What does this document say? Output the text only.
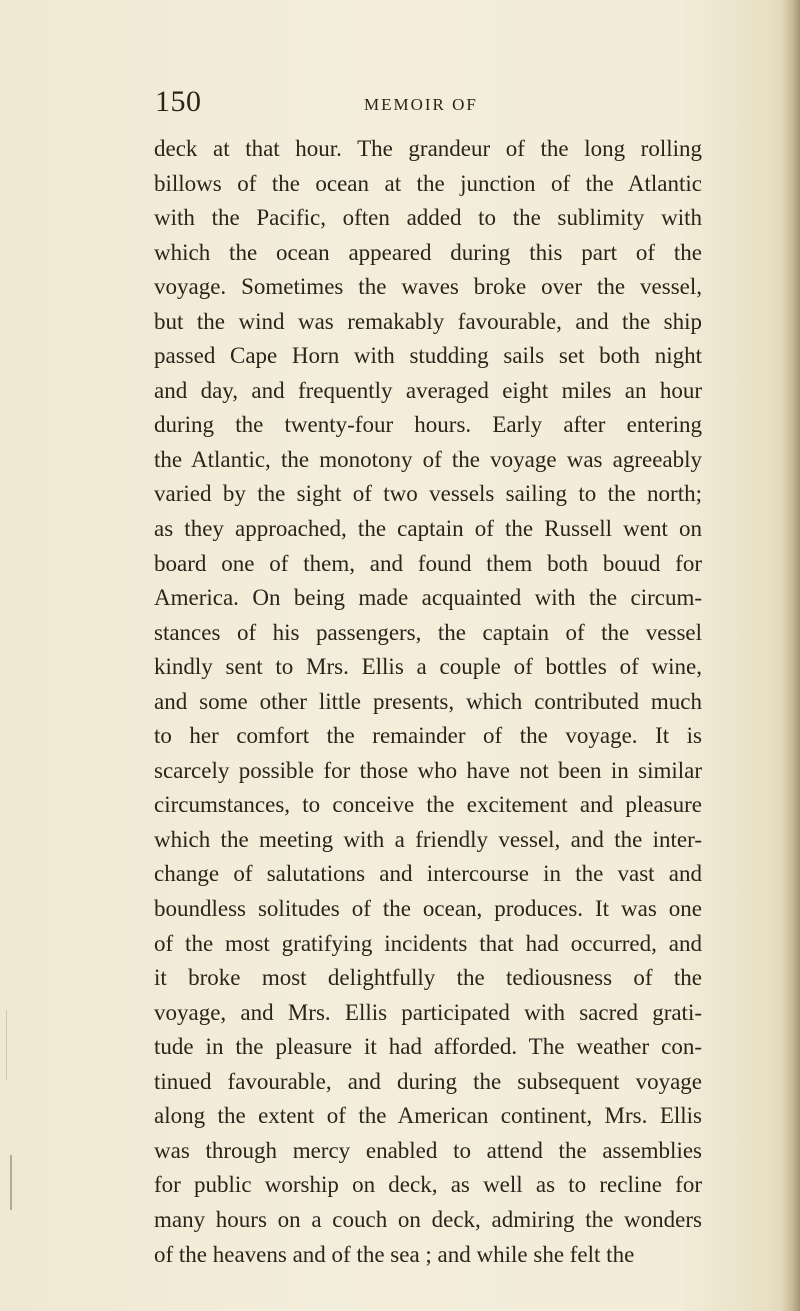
150	MEMOIR OF
deck at that hour. The grandeur of the long rolling
billows of the ocean at the junction of the Atlantic
with the Pacific, often added to the sublimity with
which the ocean appeared during this part of the
voyage. Sometimes the waves broke over the vessel,
but the wind was remakably favourable, and the ship
passed Cape Horn with studding sails set both night
and day, and frequently averaged eight miles an hour
during the twenty-four hours. Early after entering
the Atlantic, the monotony of the voyage was agreeably
varied by the sight of two vessels sailing to the north;
as they approached, the captain of the Russell went on
board one of them, and found them both bouud for
America. On being made acquainted with the circum-
stances of his passengers, the captain of the vessel
kindly sent to Mrs. Ellis a couple of bottles of wine,
and some other little presents, which contributed much
to her comfort the remainder of the voyage. It is
scarcely possible for those who have not been in similar
circumstances, to conceive the excitement and pleasure
which the meeting with a friendly vessel, and the inter-
change of salutations and intercourse in the vast and
boundless solitudes of the ocean, produces. It was one
of the most gratifying incidents that had occurred, and
it broke most delightfully the tediousness of the
voyage, and Mrs. Ellis participated with sacred grati-
tude in the pleasure it had afforded. The weather con-
tinued favourable, and during the subsequent voyage
along the extent of the American continent, Mrs. Ellis
was through mercy enabled to attend the assemblies
for public worship on deck, as well as to recline for
many hours on a couch on deck, admiring the wonders
of the heavens and of the sea ; and while she felt the
